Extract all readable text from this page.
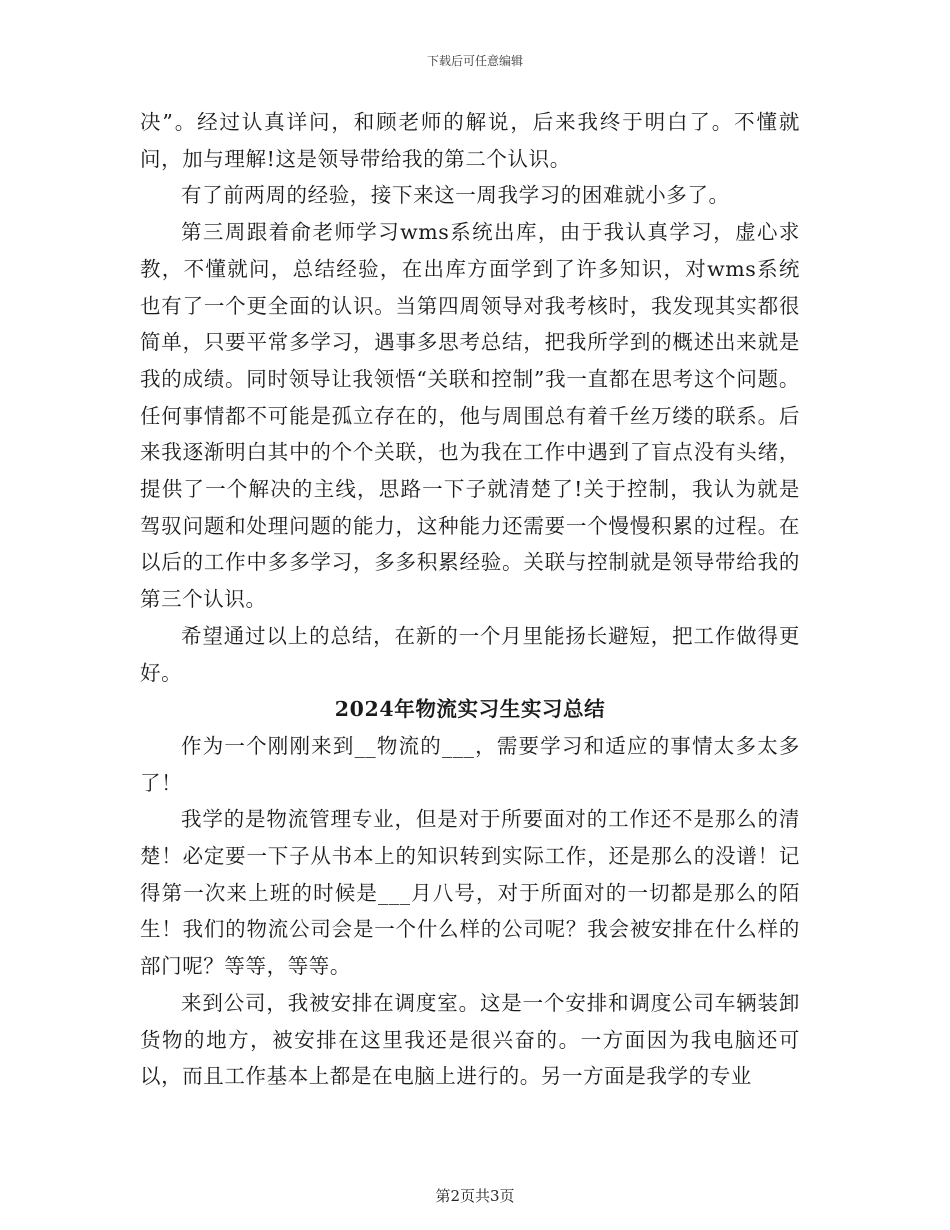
下载后可任意编辑

决”。经过认真详问，和顾老师的解说，后来我终于明白了。不懂就问，加与理解!这是领导带给我的第二个认识。

有了前两周的经验，接下来这一周我学习的困难就小多了。

第三周跟着俞老师学习wms系统出库，由于我认真学习，虚心求教，不懂就问，总结经验，在出库方面学到了许多知识，对wms系统也有了一个更全面的认识。当第四周领导对我考核时，我发现其实都很简单，只要平常多学习，遇事多思考总结，把我所学到的概述出来就是我的成绩。同时领导让我领悟“关联和控制”我一直都在思考这个问题。任何事情都不可能是孤立存在的，他与周围总有着千丝万缕的联系。后来我逐渐明白其中的个个关联，也为我在工作中遇到了盲点没有头绪，提供了一个解决的主线，思路一下子就清楚了!关于控制，我认为就是驾驭问题和处理问题的能力，这种能力还需要一个慢慢积累的过程。在以后的工作中多多学习，多多积累经验。关联与控制就是领导带给我的第三个认识。

希望通过以上的总结，在新的一个月里能扬长避短，把工作做得更好。

2024年物流实习生实习总结

作为一个刚刚来到__物流的___，需要学习和适应的事情太多太多了！

我学的是物流管理专业，但是对于所要面对的工作还不是那么的清楚！必定要一下子从书本上的知识转到实际工作，还是那么的没谱！记得第一次来上班的时候是___月八号，对于所面对的一切都是那么的陌生！我们的物流公司会是一个什么样的公司呢？我会被安排在什么样的部门呢？等等，等等。

来到公司，我被安排在调度室。这是一个安排和调度公司车辆装卸货物的地方，被安排在这里我还是很兴奋的。一方面因为我电脑还可以，而且工作基本上都是在电脑上进行的。另一方面是我学的专业

第2页共3页
